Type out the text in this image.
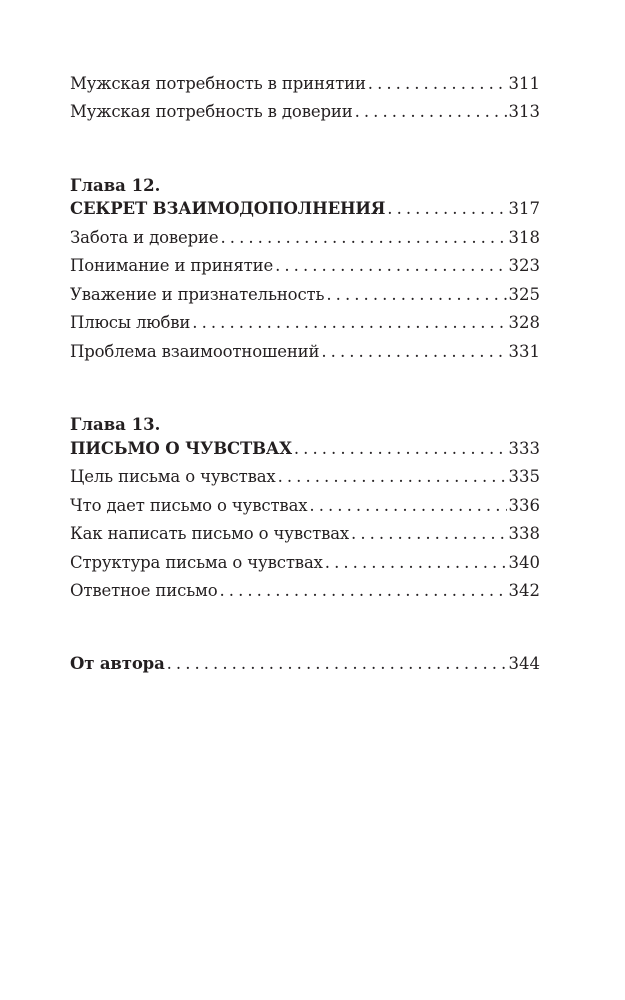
Мужская потребность в принятии . . .	311
Мужская потребность в доверии . . .	313
Глава 12.
СЕКРЕТ ВЗАИМОДОПОЛНЕНИЯ . . .	317
Забота и доверие . . .	318
Понимание и принятие . . .	323
Уважение и признательность . . .	325
Плюсы любви . . .	328
Проблема взаимоотношений . . .	331
Глава 13.
ПИСЬМО О ЧУВСТВАХ . . .	333
Цель письма о чувствах . . .	335
Что дает письмо о чувствах . . .	336
Как написать письмо о чувствах . . .	338
Структура письма о чувствах . . .	340
Ответное письмо . . .	342
От автора . . .	344
